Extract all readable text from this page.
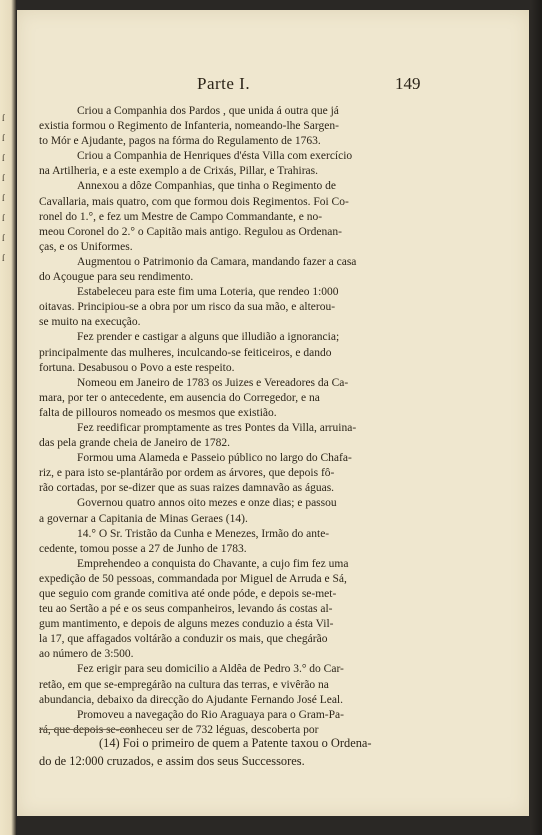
ſ
ſ
ſ
ſ
ſ
ſ
ſ
ſ
Parte I.	149
Criou a Companhia dos Pardos , que unida á outra que já
existia formou o Regimento de Infanteria, nomeando-lhe Sargen-
to Mór e Ajudante, pagos na fórma do Regulamento de 1763.
Criou a Companhia de Henriques d'ésta Villa com exercício
na Artilheria, e a este exemplo a de Crixás, Pillar, e Trahiras.
Annexou a dôze Companhias, que tinha o Regimento de
Cavallaria, mais quatro, com que formou dois Regimentos. Foi Co-
ronel do 1.°, e fez um Mestre de Campo Commandante, e no-
meou Coronel do 2.° o Capitão mais antigo. Regulou as Ordenan-
ças, e os Uniformes.
Augmentou o Patrimonio da Camara, mandando fazer a casa
do Açougue para seu rendimento.
Estabeleceu para este fim uma Loteria, que rendeo 1:000
oitavas. Principiou-se a obra por um risco da sua mão, e alterou-
se muito na execução.
Fez prender e castigar a alguns que illudião a ignorancia;
principalmente das mulheres, inculcando-se feiticeiros, e dando
fortuna. Desabusou o Povo a este respeito.
Nomeou em Janeiro de 1783 os Juizes e Vereadores da Ca-
mara, por ter o antecedente, em ausencia do Corregedor, e na
falta de pillouros nomeado os mesmos que existião.
Fez reedificar promptamente as tres Pontes da Villa, arruina-
das pela grande cheia de Janeiro de 1782.
Formou uma Alameda e Passeio público no largo do Chafa-
riz, e para isto se-plantárão por ordem as árvores, que depois fô-
rão cortadas, por se-dizer que as suas raizes damnavão as águas.
Governou quatro annos oito mezes e onze dias; e passou
a governar a Capitania de Minas Geraes (14).
14.° O Sr. Tristão da Cunha e Menezes, Irmão do ante-
cedente, tomou posse a 27 de Junho de 1783.
Emprehendeo a conquista do Chavante, a cujo fim fez uma
expedição de 50 pessoas, commandada por Miguel de Arruda e Sá,
que seguio com grande comitiva até onde póde, e depois se-met-
teu ao Sertão a pé e os seus companheiros, levando ás costas al-
gum mantimento, e depois de alguns mezes conduzio a ésta Vil-
la 17, que affagados voltárão a conduzir os mais, que chegárão
ao número de 3:500.
Fez erigir para seu domicilio a Aldêa de Pedro 3.° do Car-
retão, em que se-empregárão na cultura das terras, e vivêrão na
abundancia, debaixo da direcção do Ajudante Fernando José Leal.
Promoveu a navegação do Rio Araguaya para o Gram-Pa-
rá, que depois se-conheceu ser de 732 léguas, descoberta por
(14) Foi o primeiro de quem a Patente taxou o Ordena-
do de 12:000 cruzados, e assim dos seus Successores.
